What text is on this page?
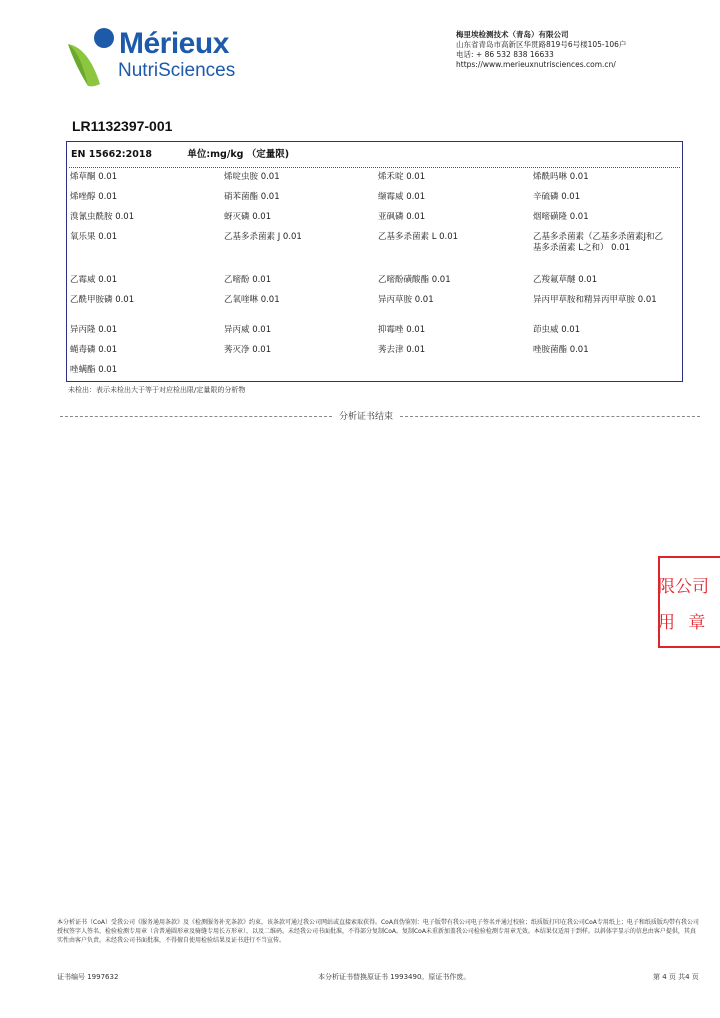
Mérieux
NutriSciences
梅里埃检测技术（青岛）有限公司
山东省青岛市高新区华贯路819号6号楼105-106户
电话: + 86 532 838 16633
https://www.merieuxnutrisciences.com.cn/
LR1132397-001
EN 15662:2018	单位:mg/kg （定量限)
烯草酮 0.01	烯啶虫胺 0.01	烯禾啶 0.01	烯酰吗啉 0.01
烯唑醇 0.01	硝苯菌酯 0.01	缬霉威 0.01	辛硫磷 0.01
溴氰虫酰胺 0.01	蚜灭磷 0.01	亚砜磷 0.01	烟嘧磺隆 0.01
氧乐果 0.01	乙基多杀菌素 J 0.01	乙基多杀菌素 L 0.01	乙基多杀菌素（乙基多杀菌素J和乙基多杀菌素 L之和） 0.01
乙霉威 0.01	乙嘧酚 0.01	乙嘧酚磺酸酯 0.01	乙羧氟草醚 0.01
乙酰甲胺磷 0.01	乙氧喹啉 0.01	异丙草胺 0.01	异丙甲草胺和精异丙甲草胺 0.01
异丙隆 0.01	异丙威 0.01	抑霉唑 0.01	茚虫威 0.01
蝇毒磷 0.01	莠灭净 0.01	莠去津 0.01	唑胺菌酯 0.01
唑螨酯 0.01
未检出：表示未检出大于等于对应检出限/定量限的分析物
分析证书结束
限公司
用 章
本分析证书（CoA）受我公司《服务通用条款》及《检测服务补充条款》约束，该条款可通过我公司网站或直接索取获得。CoA真伪鉴别：电子版带有我公司电子签名并通过校验；纸质版打印在我公司CoA专用纸上；电子和纸质版均带有我公司授权签字人签名、检验检测专用章（含普通圆形章及骑缝专用长方形章），以及二维码。未经我公司书面批准，不得部分复制CoA。复制CoA未重新加盖我公司检验检测专用章无效。本结果仅适用于到样。以斜体字显示的信息由客户提供，其真实性由客户负责。未经我公司书面批准，不得擅自使用检验结果及证书进行不当宣传。
证书编号 1997632	本分析证书替换原证书 1993490。原证书作废。	第 4 页 共4 页
